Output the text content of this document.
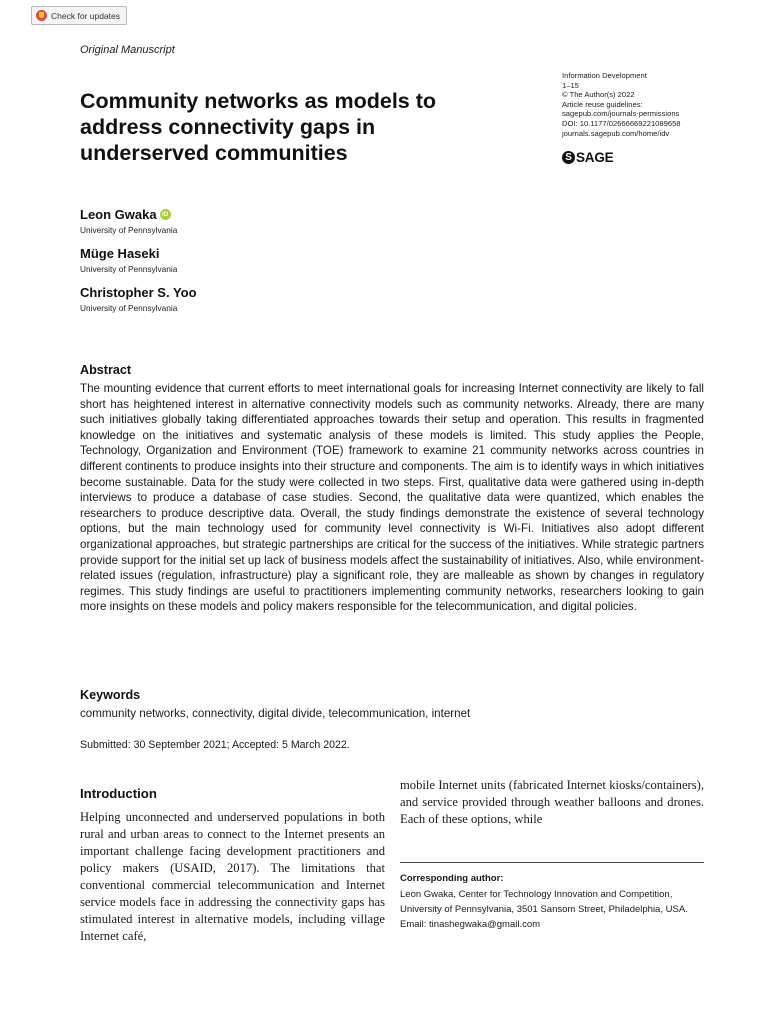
Check for updates
Original Manuscript
Community networks as models to address connectivity gaps in underserved communities
Information Development
1–15
© The Author(s) 2022
Article reuse guidelines:
sagepub.com/journals-permissions
DOI: 10.1177/02666669221089658
journals.sagepub.com/home/idv
S SAGE
Leon Gwaka iD
University of Pennsylvania
Müge Haseki
University of Pennsylvania
Christopher S. Yoo
University of Pennsylvania
Abstract
The mounting evidence that current efforts to meet international goals for increasing Internet connectivity are likely to fall short has heightened interest in alternative connectivity models such as community networks. Already, there are many such initiatives globally taking differentiated approaches towards their setup and operation. This results in fragmented knowledge on the initiatives and systematic analysis of these models is limited. This study applies the People, Technology, Organization and Environment (TOE) framework to examine 21 community networks across countries in different continents to produce insights into their structure and components. The aim is to identify ways in which initiatives become sustainable. Data for the study were collected in two steps. First, qualitative data were gathered using in-depth interviews to produce a database of case studies. Second, the qualitative data were quantized, which enables the researchers to produce descriptive data. Overall, the study findings demonstrate the existence of several technology options, but the main technology used for community level connectivity is Wi-Fi. Initiatives also adopt different organizational approaches, but strategic partnerships are critical for the success of the initiatives. While strategic partners provide support for the initial set up lack of business models affect the sustainability of initiatives. Also, while environment-related issues (regulation, infrastructure) play a significant role, they are malleable as shown by changes in regulatory regimes. This study findings are useful to practitioners implementing community networks, researchers looking to gain more insights on these models and policy makers responsible for the telecommunication, and digital policies.
Keywords
community networks, connectivity, digital divide, telecommunication, internet
Submitted: 30 September 2021; Accepted: 5 March 2022.
Introduction
Helping unconnected and underserved populations in both rural and urban areas to connect to the Internet presents an important challenge facing development practitioners and policy makers (USAID, 2017). The limitations that conventional commercial telecommunication and Internet service models face in addressing the connectivity gaps has stimulated interest in alternative models, including village Internet café,
mobile Internet units (fabricated Internet kiosks/containers), and service provided through weather balloons and drones. Each of these options, while
Corresponding author:
Leon Gwaka, Center for Technology Innovation and Competition, University of Pennsylvania, 3501 Sansom Street, Philadelphia, USA.
Email: tinashegwaka@gmail.com
